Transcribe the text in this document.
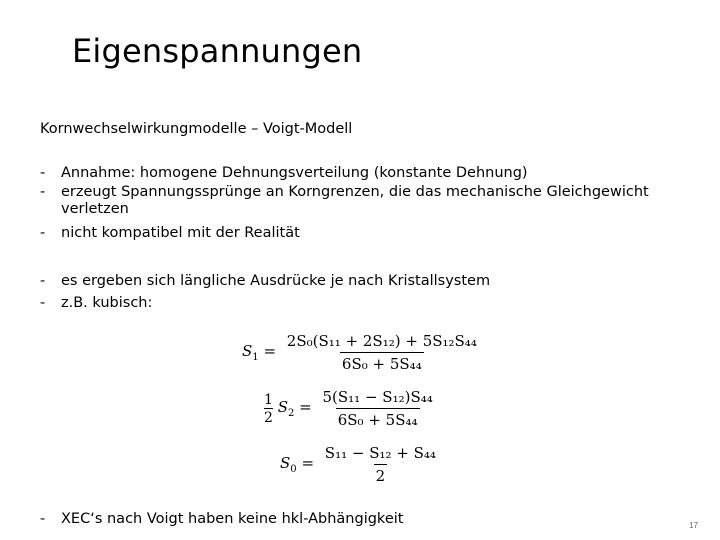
Eigenspannungen
Kornwechselwirkungmodelle – Voigt-Modell
- Annahme: homogene Dehnungsverteilung (konstante Dehnung)
- erzeugt Spannungssprünge an Korngrenzen, die das mechanische Gleichgewicht verletzen
- nicht kompatibel mit der Realität
- es ergeben sich längliche Ausdrücke je nach Kristallsystem
- z.B. kubisch:
$S_1 = \frac{\text{2S₀(S₁₁ + 2S₁₂) + 5S₁₂S₄₄}}{\text{6S₀ + 5S₄₄}}$
$\frac{1}{2} S_2 = \frac{\text{5(S₁₁ − S₁₂)S₄₄}}{\text{6S₀ + 5S₄₄}}$
$S_0 = \frac{\text{S₁₁ − S₁₂ + S₄₄}}{2}$
- XEC‘s nach Voigt haben keine hkl-Abhängigkeit	17
